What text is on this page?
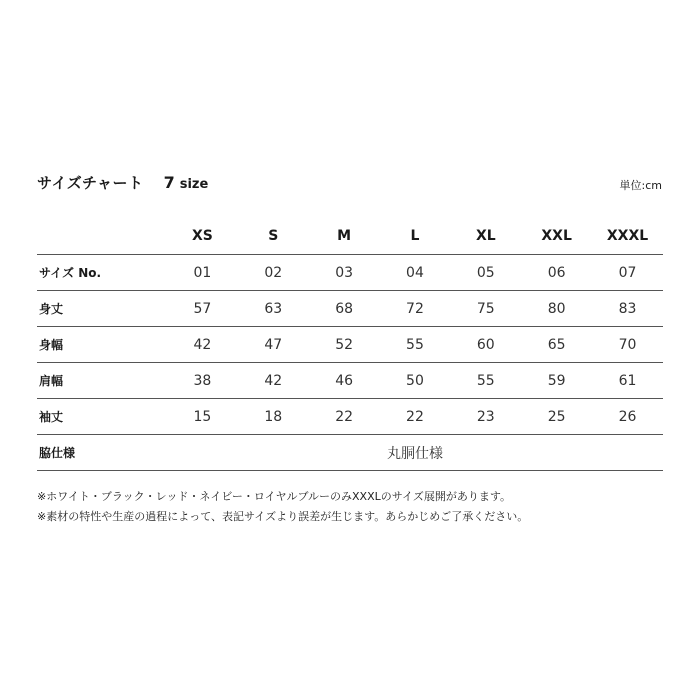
サイズチャート 7 size	単位:cm
	XS	S	M	L	XL	XXL	XXXL
サイズ No.	01	02	03	04	05	06	07
身丈	57	63	68	72	75	80	83
身幅	42	47	52	55	60	65	70
肩幅	38	42	46	50	55	59	61
袖丈	15	18	22	22	23	25	26
脇仕様	丸胴仕様						
※ホワイト・ブラック・レッド・ネイビー・ロイヤルブルーのみXXXLのサイズ展開があります。
※素材の特性や生産の過程によって、表記サイズより誤差が生じます。あらかじめご了承ください。
